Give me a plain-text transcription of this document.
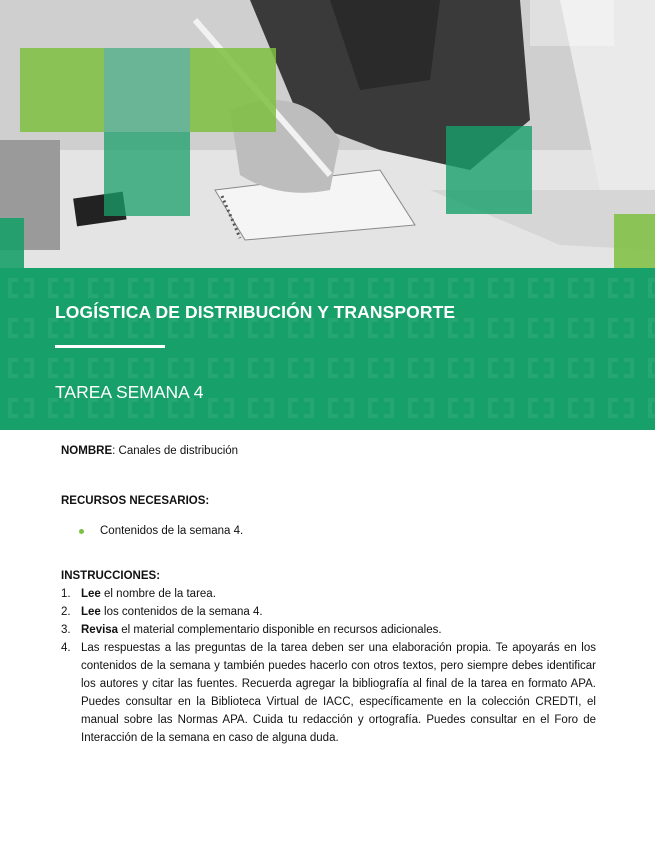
LOGÍSTICA DE DISTRIBUCIÓN Y TRANSPORTE
TAREA SEMANA 4
NOMBRE: Canales de distribución
RECURSOS NECESARIOS:
Contenidos de la semana 4.
INSTRUCCIONES:
1. Lee el nombre de la tarea.
2. Lee los contenidos de la semana 4.
3. Revisa el material complementario disponible en recursos adicionales.
4. Las respuestas a las preguntas de la tarea deben ser una elaboración propia. Te apoyarás en los contenidos de la semana y también puedes hacerlo con otros textos, pero siempre debes identificar los autores y citar las fuentes. Recuerda agregar la bibliografía al final de la tarea en formato APA. Puedes consultar en la Biblioteca Virtual de IACC, específicamente en la colección CREDTI, el manual sobre las Normas APA. Cuida tu redacción y ortografía. Puedes consultar en el Foro de Interacción de la semana en caso de alguna duda.
